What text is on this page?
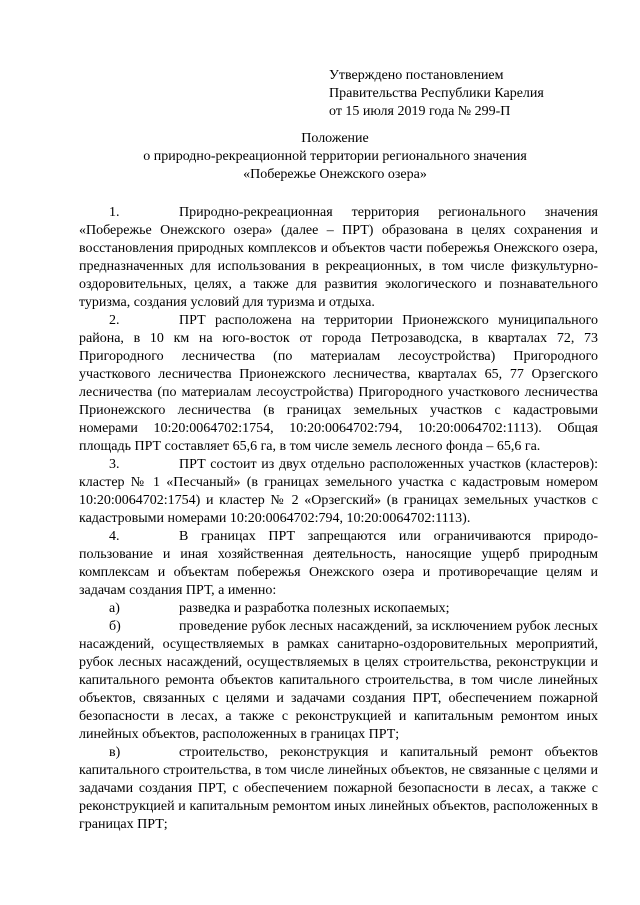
Утверждено постановлением
Правительства Республики Карелия
от 15 июля 2019 года № 299-П
Положение
о природно-рекреационной территории регионального значения
«Побережье Онежского озера»

1.	Природно-рекреационная территория регионального значения «Побережье Онежского озера» (далее – ПРТ) образована в целях сохранения и восстановления природных комплексов и объектов части побережья Онежского озера, предназначенных для использования в рекреационных, в том числе физкультурно-оздоровительных, целях, а также для развития экологического и познавательного туризма, создания условий для туризма и отдыха.

2.	ПРТ расположена на территории Прионежского муниципального района, в 10 км на юго-восток от города Петрозаводска, в кварталах 72, 73 Пригородного лесничества (по материалам лесоустройства) Пригородного участкового лесничества Прионежского лесничества, кварталах 65, 77 Орзегского лесничества (по материалам лесоустройства) Пригородного участкового лесничества Прионежского лесничества (в границах земельных участков с кадастровыми номерами 10:20:0064702:1754, 10:20:0064702:794, 10:20:0064702:1113). Общая площадь ПРТ составляет 65,6 га, в том числе земель лесного фонда – 65,6 га.

3.	ПРТ состоит из двух отдельно расположенных участков (кластеров): кластер № 1 «Песчаный» (в границах земельного участка с кадастровым номером 10:20:0064702:1754) и кластер № 2 «Орзегский» (в границах земельных участков с кадастровыми номерами 10:20:0064702:794, 10:20:0064702:1113).

4.	В границах ПРТ запрещаются или ограничиваются природо-пользование и иная хозяйственная деятельность, наносящие ущерб природным комплексам и объектам побережья Онежского озера и противоречащие целям и задачам создания ПРТ, а именно:

а)	разведка и разработка полезных ископаемых;

б)	проведение рубок лесных насаждений, за исключением рубок лесных насаждений, осуществляемых в рамках санитарно-оздоровительных мероприятий, рубок лесных насаждений, осуществляемых в целях строительства, реконструкции и капитального ремонта объектов капитального строительства, в том числе линейных объектов, связанных с целями и задачами создания ПРТ, обеспечением пожарной безопасности в лесах, а также с реконструкцией и капитальным ремонтом иных линейных объектов, расположенных в границах ПРТ;

в)	строительство, реконструкция и капитальный ремонт объектов капитального строительства, в том числе линейных объектов, не связанные с целями и задачами создания ПРТ, с обеспечением пожарной безопасности в лесах, а также с реконструкцией и капитальным ремонтом иных линейных объектов, расположенных в границах ПРТ;
